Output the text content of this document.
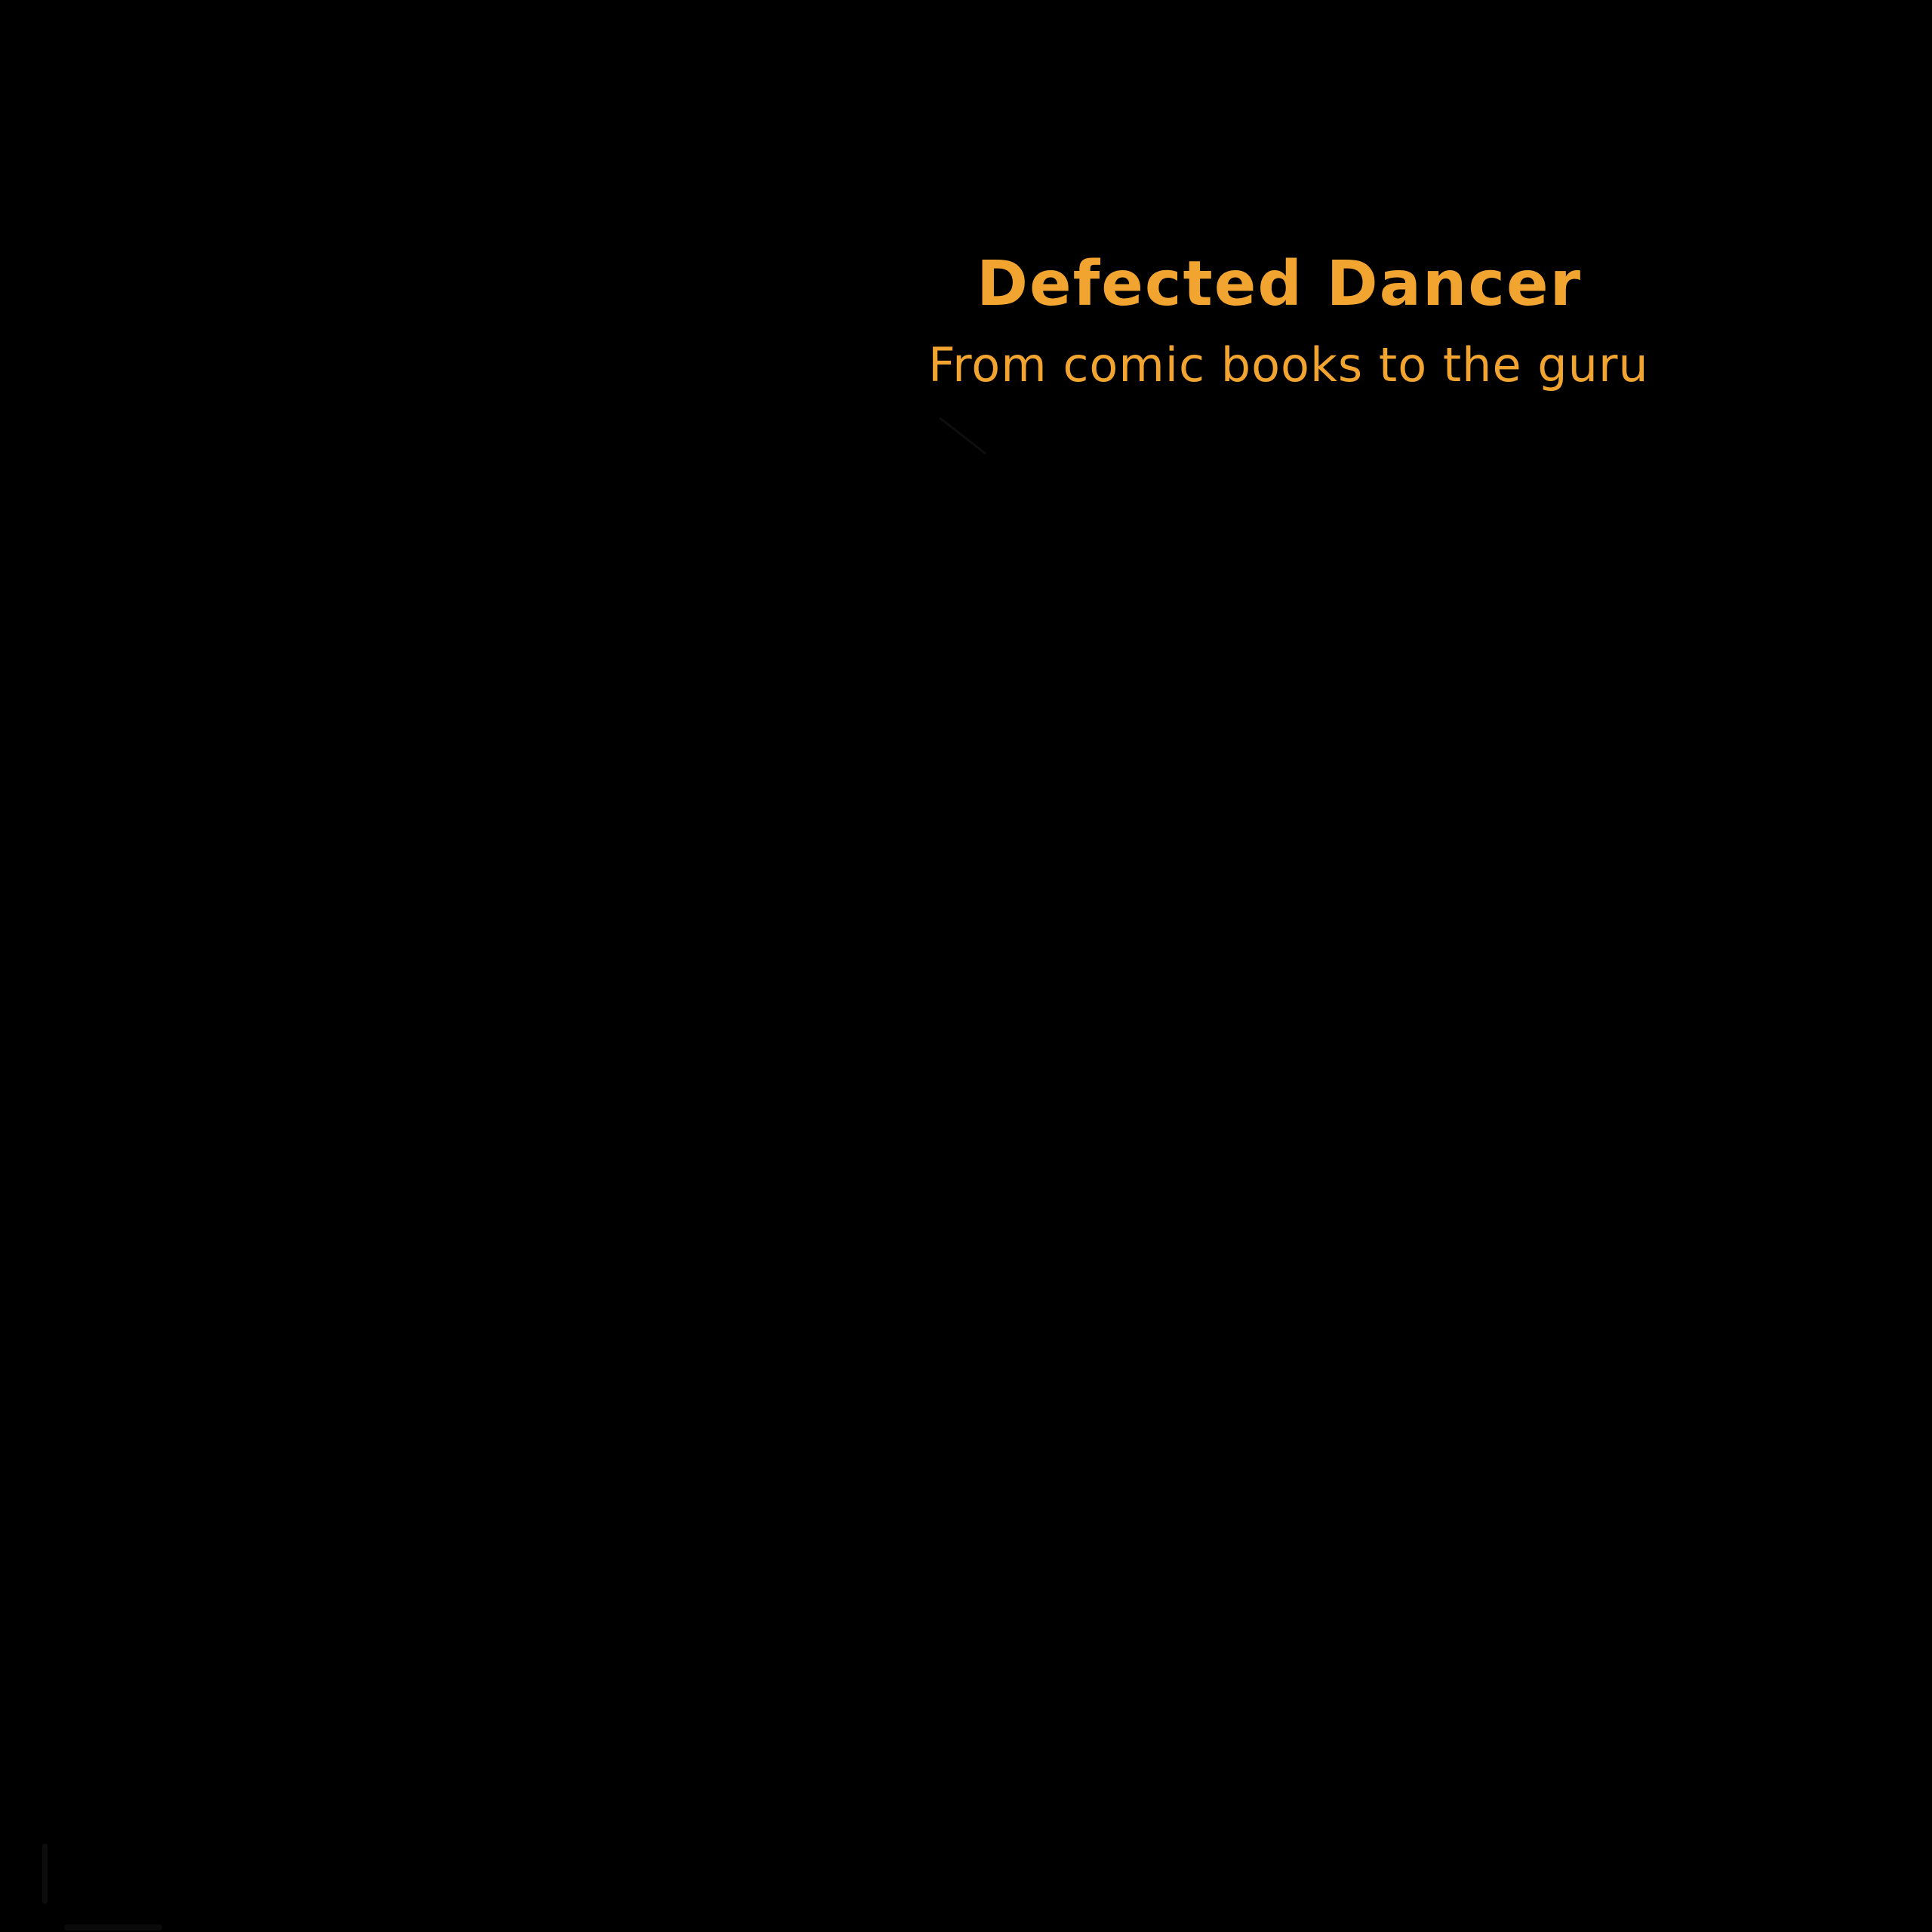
Defected Dancer
From comic books to the guru
